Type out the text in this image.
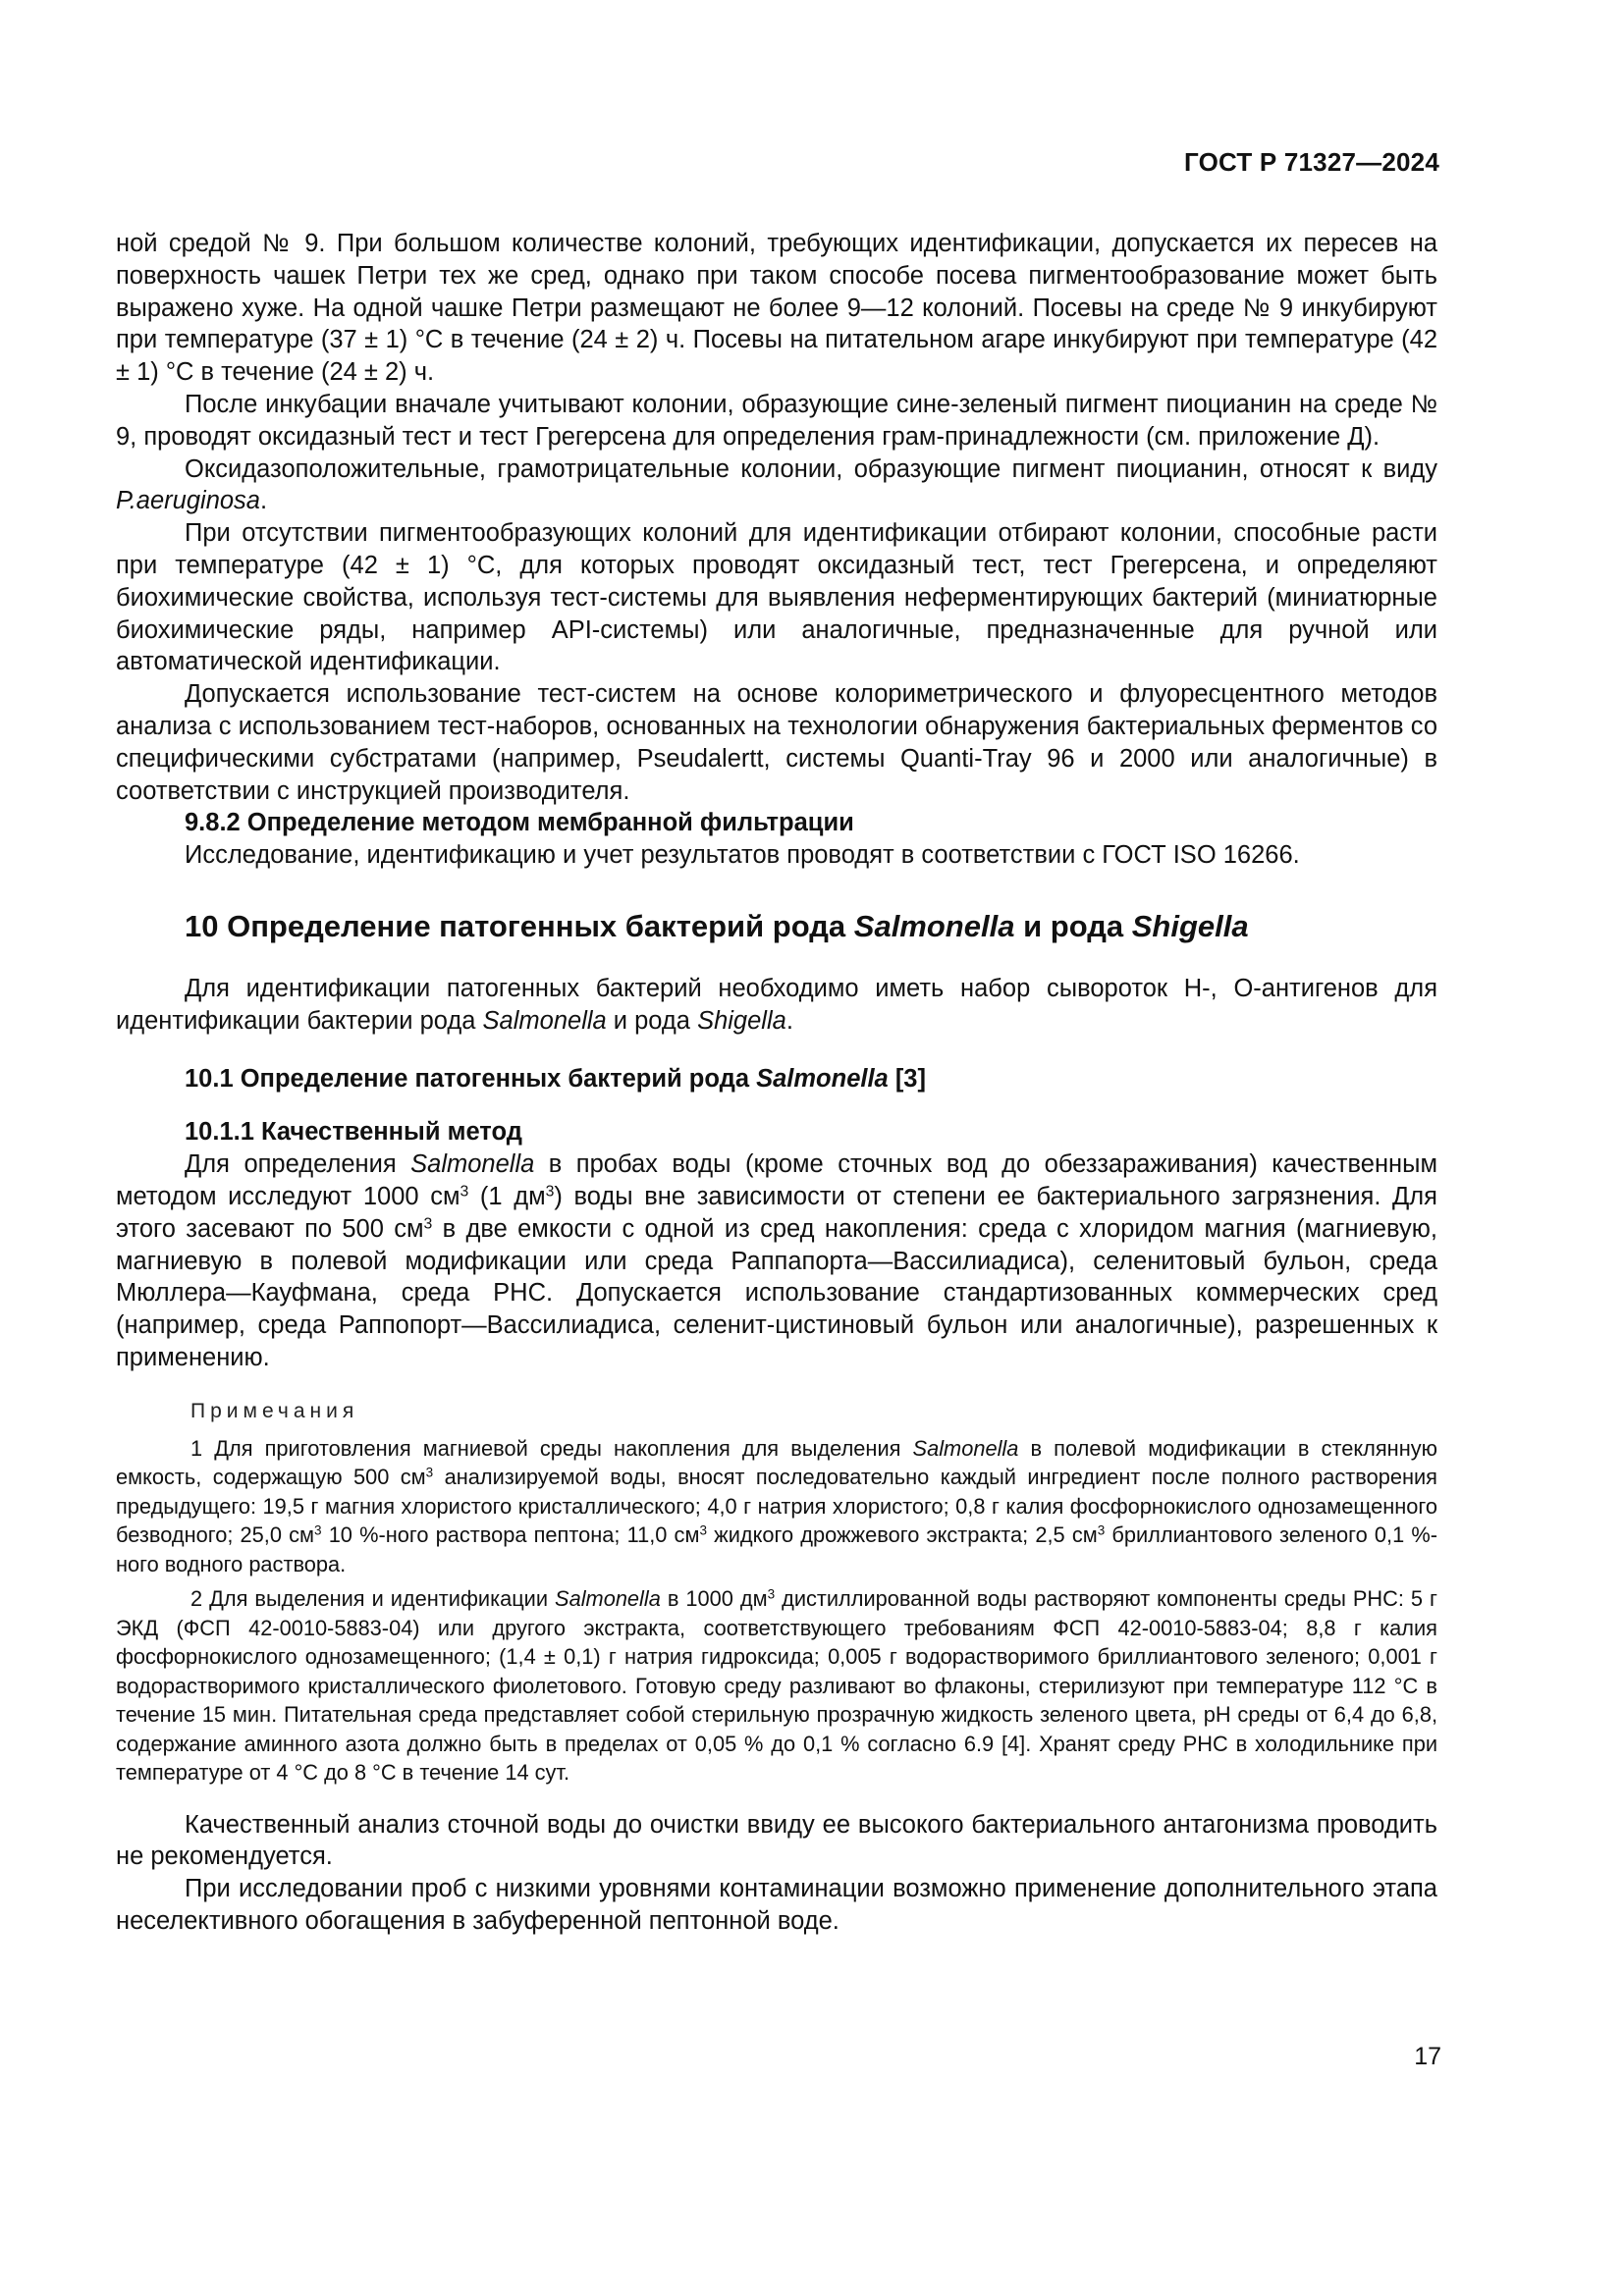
ГОСТ Р 71327—2024

ной средой № 9. При большом количестве колоний, требующих идентификации, допускается их пересев на поверхность чашек Петри тех же сред, однако при таком способе посева пигментообразование может быть выражено хуже. На одной чашке Петри размещают не более 9—12 колоний. Посевы на среде № 9 инкубируют при температуре (37 ± 1) °С в течение (24 ± 2) ч. Посевы на питательном агаре инкубируют при температуре (42 ± 1) °С в течение (24 ± 2) ч.

После инкубации вначале учитывают колонии, образующие сине-зеленый пигмент пиоцианин на среде № 9, проводят оксидазный тест и тест Грегерсена для определения грам-принадлежности (см. приложение Д).

Оксидазоположительные, грамотрицательные колонии, образующие пигмент пиоцианин, относят к виду P.aeruginosa.

При отсутствии пигментообразующих колоний для идентификации отбирают колонии, способные расти при температуре (42 ± 1) °С, для которых проводят оксидазный тест, тест Грегерсена, и определяют биохимические свойства, используя тест-системы для выявления неферментирующих бактерий (миниатюрные биохимические ряды, например API-системы) или аналогичные, предназначенные для ручной или автоматической идентификации.

Допускается использование тест-систем на основе колориметрического и флуоресцентного методов анализа с использованием тест-наборов, основанных на технологии обнаружения бактериальных ферментов со специфическими субстратами (например, Pseudalertt, системы Quanti-Tray 96 и 2000 или аналогичные) в соответствии с инструкцией производителя.

9.8.2 Определение методом мембранной фильтрации

Исследование, идентификацию и учет результатов проводят в соответствии с ГОСТ ISO 16266.

10 Определение патогенных бактерий рода Salmonella и рода Shigella

Для идентификации патогенных бактерий необходимо иметь набор сывороток Н-, О-антигенов для идентификации бактерии рода Salmonella и рода Shigella.

10.1 Определение патогенных бактерий рода Salmonella [3]

10.1.1 Качественный метод

Для определения Salmonella в пробах воды (кроме сточных вод до обеззараживания) качественным методом исследуют 1000 $см^3$ (1 $дм^3$) воды вне зависимости от степени ее бактериального загрязнения. Для этого засевают по 500 $см^3$ в две емкости с одной из сред накопления: среда с хлоридом магния (магниевую, магниевую в полевой модификации или среда Раппапорта—Вассилиадиса), селенитовый бульон, среда Мюллера—Кауфмана, среда РНС. Допускается использование стандартизованных коммерческих сред (например, среда Раппопорт—Вассилиадиса, селенит-цистиновый бульон или аналогичные), разрешенных к применению.

Примечания

1 Для приготовления магниевой среды накопления для выделения Salmonella в полевой модификации в стеклянную емкость, содержащую 500 $см^3$ анализируемой воды, вносят последовательно каждый ингредиент после полного растворения предыдущего: 19,5 г магния хлористого кристаллического; 4,0 г натрия хлористого; 0,8 г калия фосфорнокислого однозамещенного безводного; 25,0 $см^3$ 10 %-ного раствора пептона; 11,0 $см^3$ жидкого дрожжевого экстракта; 2,5 $см^3$ бриллиантового зеленого 0,1 %-ного водного раствора.

2 Для выделения и идентификации Salmonella в 1000 $дм^3$ дистиллированной воды растворяют компоненты среды РНС: 5 г ЭКД (ФСП 42-0010-5883-04) или другого экстракта, соответствующего требованиям ФСП 42-0010-5883-04; 8,8 г калия фосфорнокислого однозамещенного; (1,4 ± 0,1) г натрия гидроксида; 0,005 г водорастворимого бриллиантового зеленого; 0,001 г водорастворимого кристаллического фиолетового. Готовую среду разливают во флаконы, стерилизуют при температуре 112 °С в течение 15 мин. Питательная среда представляет собой стерильную прозрачную жидкость зеленого цвета, pH среды от 6,4 до 6,8, содержание аминного азота должно быть в пределах от 0,05 % до 0,1 % согласно 6.9 [4]. Хранят среду РНС в холодильнике при температуре от 4 °С до 8 °С в течение 14 сут.

Качественный анализ сточной воды до очистки ввиду ее высокого бактериального антагонизма проводить не рекомендуется.

При исследовании проб с низкими уровнями контаминации возможно применение дополнительного этапа неселективного обогащения в забуференной пептонной воде.

17
